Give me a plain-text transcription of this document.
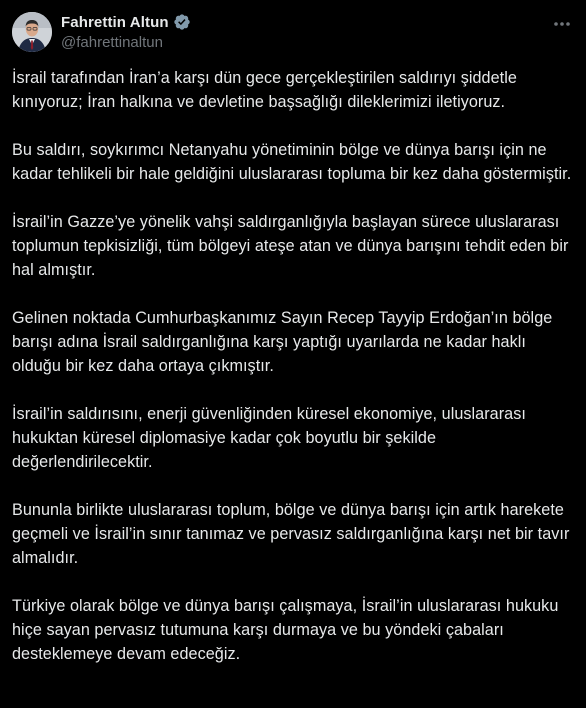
Fahrettin Altun
@fahrettinaltun

İsrail tarafından İran’a karşı dün gece gerçekleştirilen saldırıyı şiddetle kınıyoruz; İran halkına ve devletine başsağlığı dileklerimizi iletiyoruz.

Bu saldırı, soykırımcı Netanyahu yönetiminin bölge ve dünya barışı için ne kadar tehlikeli bir hale geldiğini uluslararası topluma bir kez daha göstermiştir.

İsrail’in Gazze’ye yönelik vahşi saldırganlığıyla başlayan sürece uluslararası toplumun tepkisizliği, tüm bölgeyi ateşe atan ve dünya barışını tehdit eden bir hal almıştır.

Gelinen noktada Cumhurbaşkanımız Sayın Recep Tayyip Erdoğan’ın bölge barışı adına İsrail saldırganlığına karşı yaptığı uyarılarda ne kadar haklı olduğu bir kez daha ortaya çıkmıştır.

İsrail’in saldırısını, enerji güvenliğinden küresel ekonomiye, uluslararası hukuktan küresel diplomasiye kadar çok boyutlu bir şekilde değerlendirilecektir.

Bununla birlikte uluslararası toplum, bölge ve dünya barışı için artık harekete geçmeli ve İsrail’in sınır tanımaz ve pervasız saldırganlığına karşı net bir tavır almalıdır.

Türkiye olarak bölge ve dünya barışı çalışmaya, İsrail’in uluslararası hukuku hiçe sayan pervasız tutumuna karşı durmaya ve bu yöndeki çabaları desteklemeye devam edeceğiz.
